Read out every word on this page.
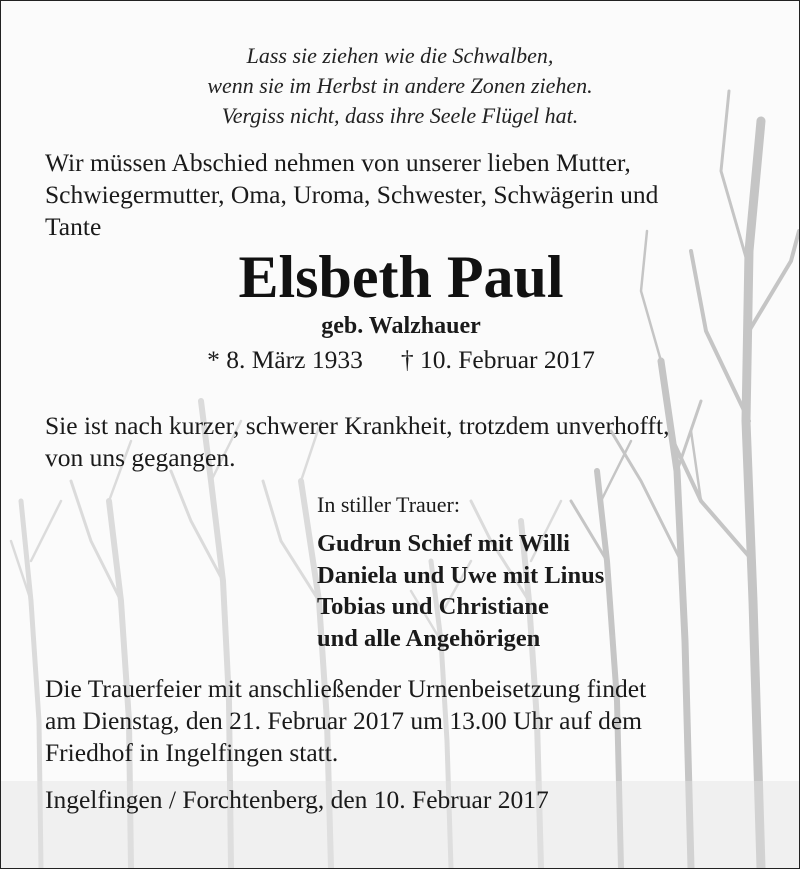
Lass sie ziehen wie die Schwalben,
wenn sie im Herbst in andere Zonen ziehen.
Vergiss nicht, dass ihre Seele Flügel hat.
Wir müssen Abschied nehmen von unserer lieben Mutter,
Schwiegermutter, Oma, Uroma, Schwester, Schwägerin und
Tante
Elsbeth Paul
geb. Walzhauer
* 8. März 1933 † 10. Februar 2017
Sie ist nach kurzer, schwerer Krankheit, trotzdem unverhofft,
von uns gegangen.
In stiller Trauer:
Gudrun Schief mit Willi
Daniela und Uwe mit Linus
Tobias und Christiane
und alle Angehörigen
Die Trauerfeier mit anschließender Urnenbeisetzung findet
am Dienstag, den 21. Februar 2017 um 13.00 Uhr auf dem
Friedhof in Ingelfingen statt.
Ingelfingen / Forchtenberg, den 10. Februar 2017
